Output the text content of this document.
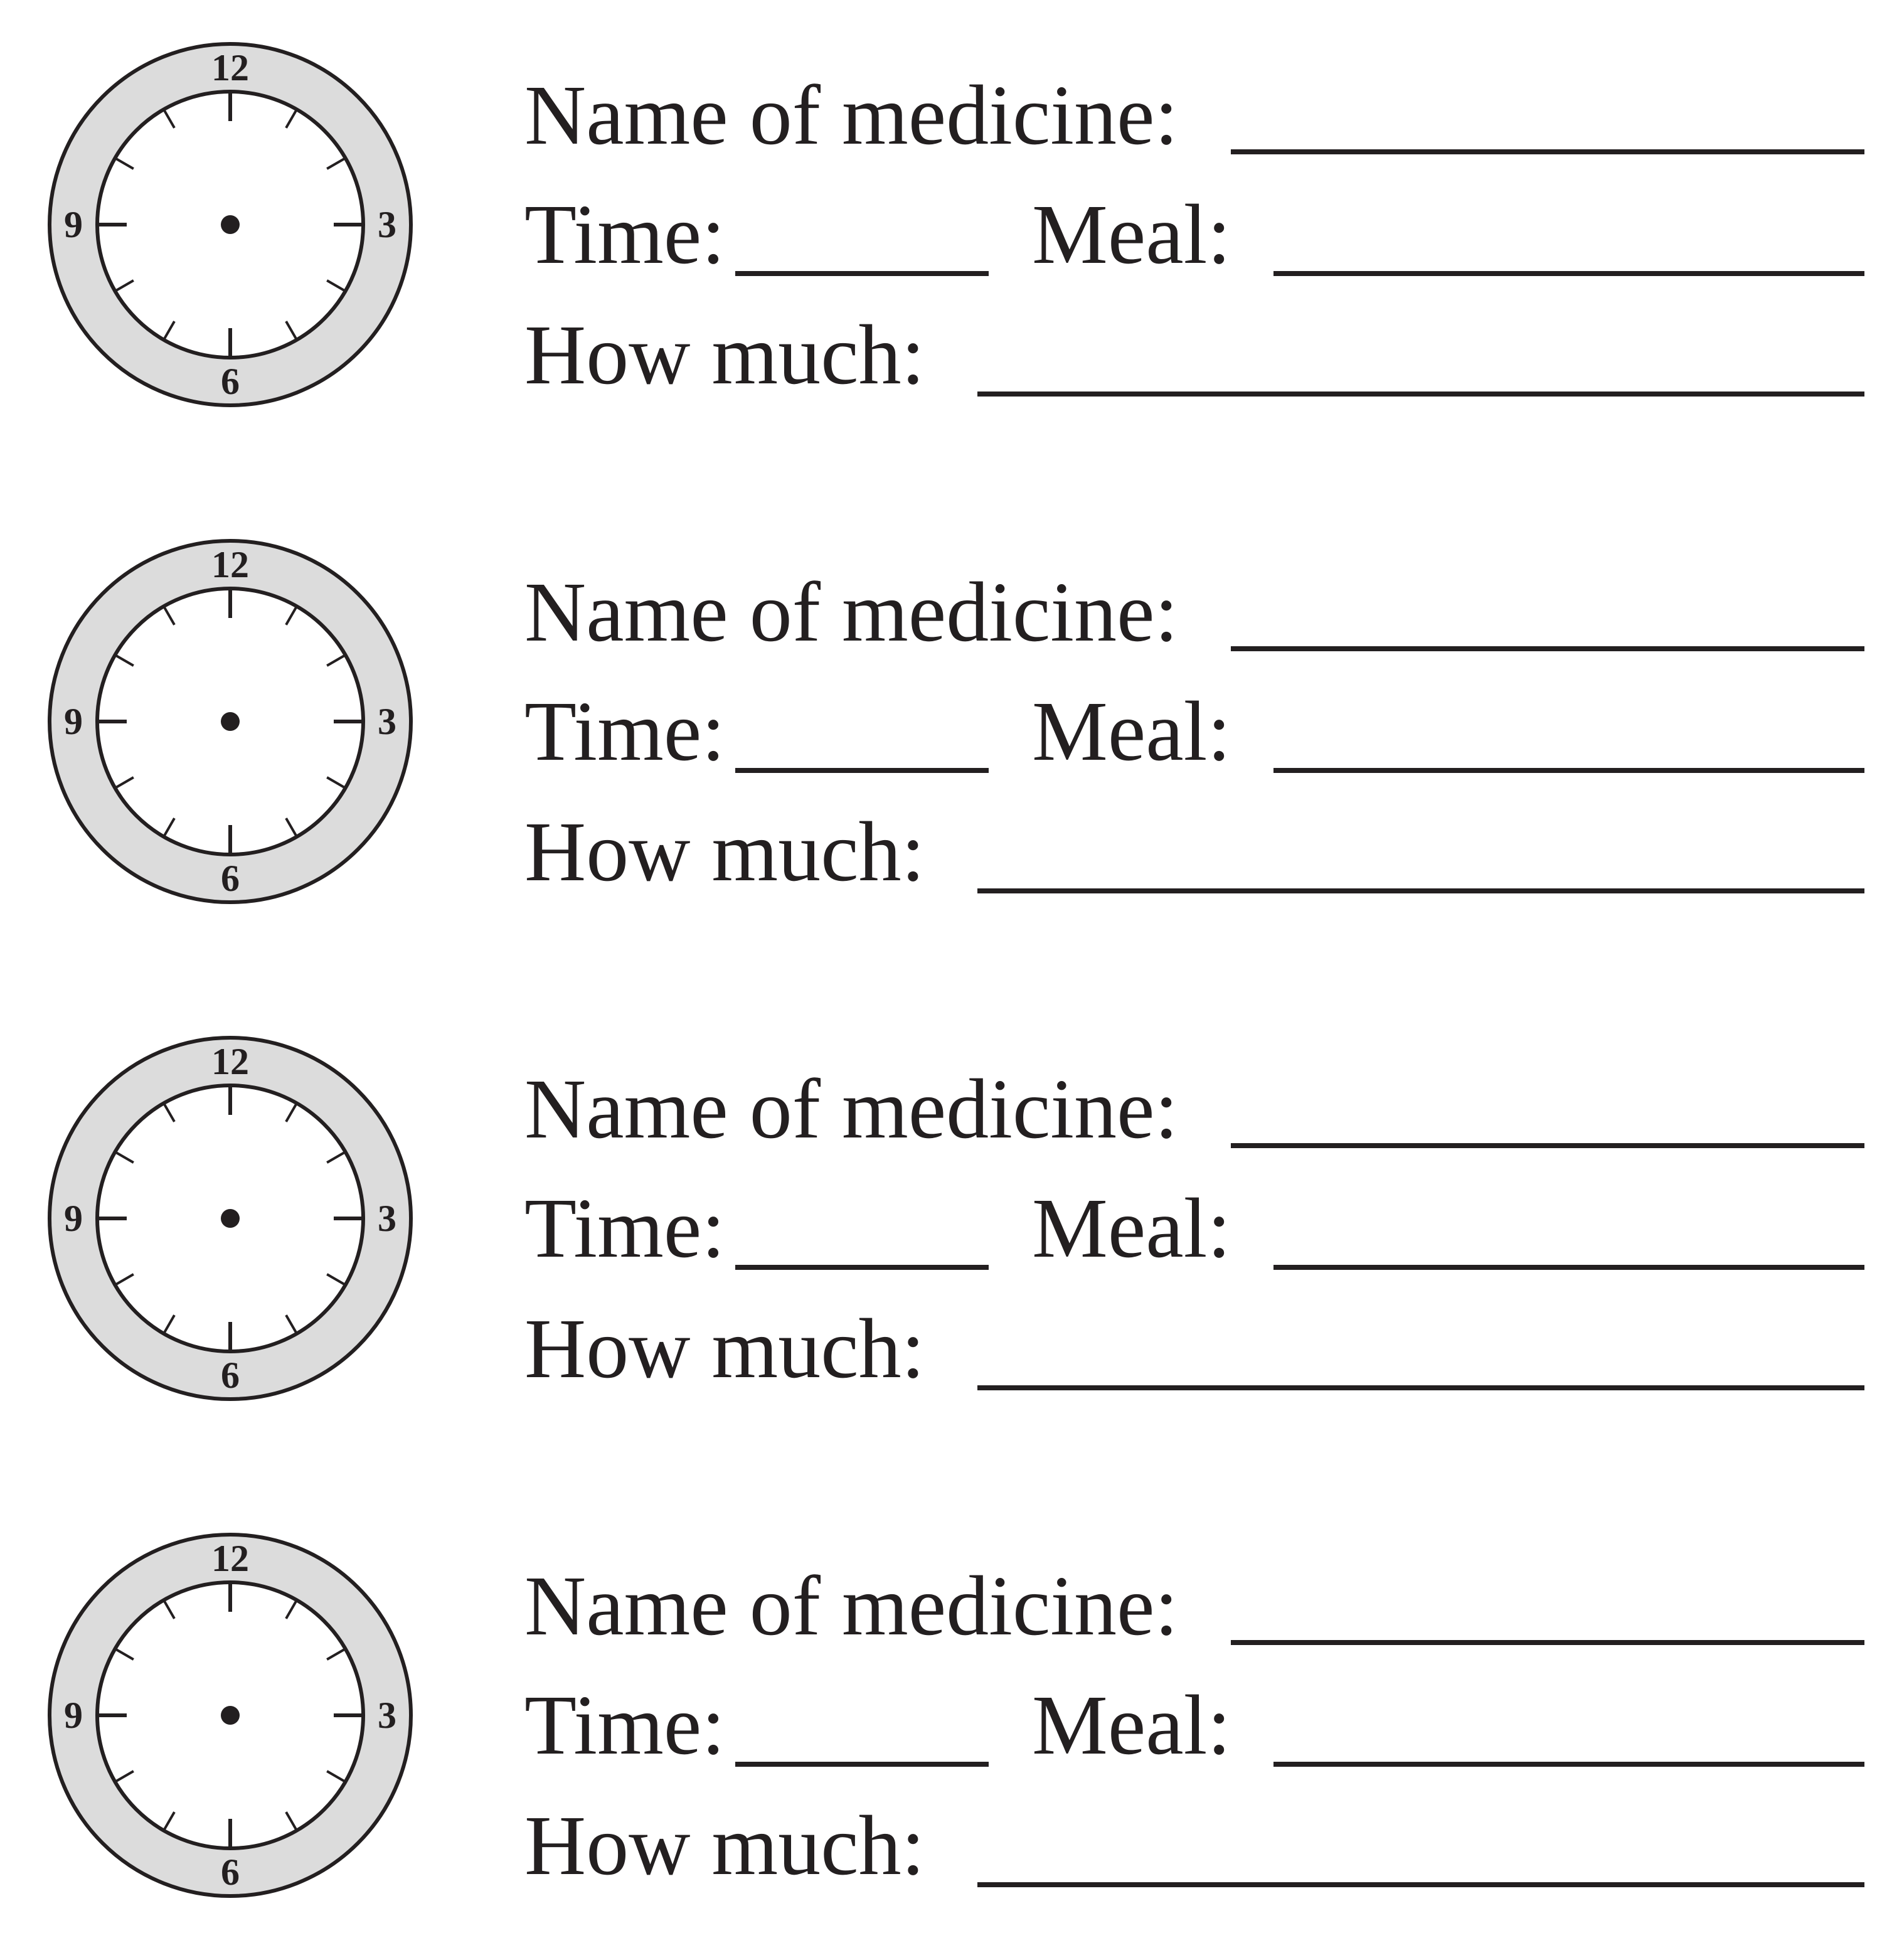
12
3
6
9
Name of medicine:
Time:	Meal:
How much:
12
3
6
9
Name of medicine:
Time:	Meal:
How much:
12
3
6
9
Name of medicine:
Time:	Meal:
How much:
12
3
6
9
Name of medicine:
Time:	Meal:
How much:
